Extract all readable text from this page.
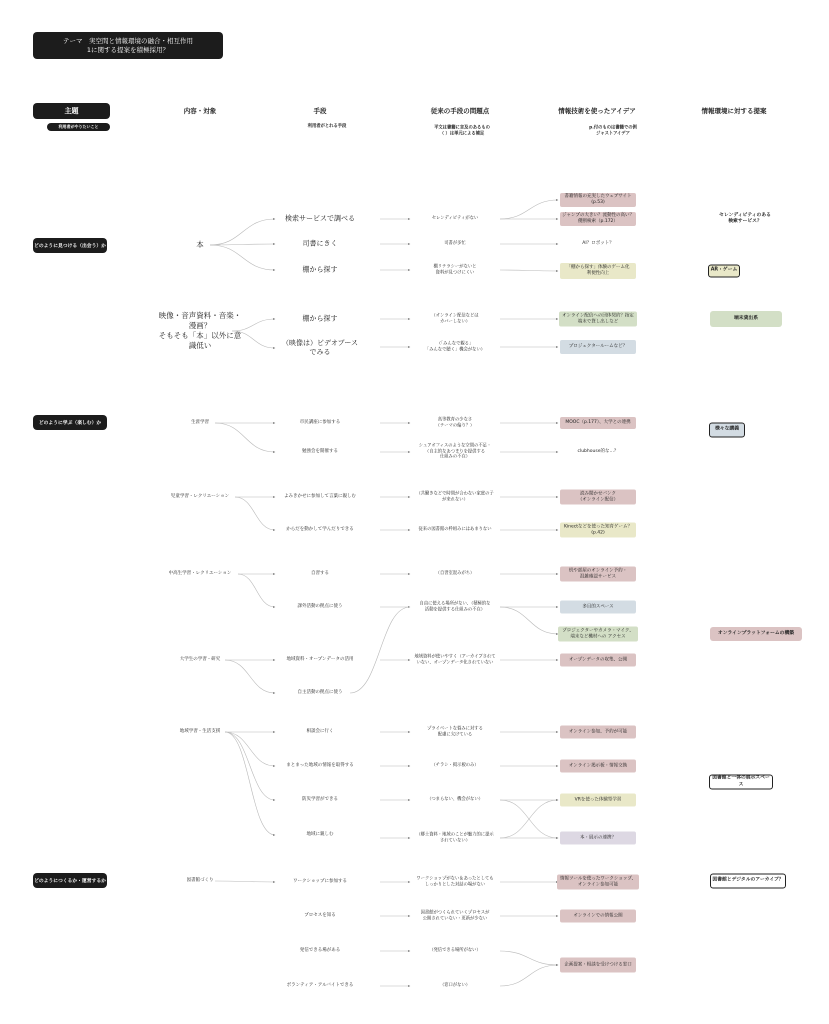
テーマ　実空間と情報環境の融合・相互作用
1に関する提案を積極採用？
主題
利用者がやりたいこと
内容・対象	手段
利用者がとれる手段
従来の手段の問題点
平文は書籍に言及のあるもの
（ ）は単元による補足
情報技術を使ったアイデア
p.付のものは書籍での例
ジャストアイデア
情報環境に対する提案
どのように見つける（出会う）か
どのように学ぶ（楽しむ）か
どのようにつくるか・運営するか
本
映像・音声資料・音楽・
漫画？
そもそも「本」以外に意
識低い
生涯学習
児童学習・レクリエーション
中高生学習・レクリエーション
大学生の学習・研究
地域学習・生活支援
図書館づくり
検索サービスで調べる
司書にきく
棚から探す
棚から探す
（映像は）ビデオブース
でみる
市民講座に参加する
勉強会を開催する
よみきかせに参加して言葉に親しむ
からだを動かして学んだりできる
自習する
課外活動の拠点に使う
地域資料・オープンデータの活用
自主活動の拠点に使う
相談会に行く
まとまった地域の情報を取得する
防災学習ができる
地域に親しむ
ワークショップに参加する
プロセスを知る
発信できる場がある
ボランティア・アルバイトできる
セレンディピティがない
司書が多忙
棚リテラシーがないと
資料が見つけにくい
（オンライン配信などは
カバーしない）
（「みんなで観る」
「みんなで聴く」機会がない）
高等教育の少なさ
（テーマの偏り？）
シェアオフィスのような空間の不足・
（自主的なあつまりを提供する
仕組みの不在）
（共働きなどで時間が合わない家庭の子
が来れない）
従来の図書館の枠組みにはあまりない
（自習室混みがち）
自由に使える場所がない、（積極的な
活動を提供する仕組みの不在）
地域資料が使いやすく（アーカイブされて
いない、オープンデータ化されていない
プライベートな悩みに対する
配慮に欠けている
（チラシ・掲示板のみ）
（つまらない、機会がない）
（郷土資料・地域のことが魅力的に提示
されていない）
ワークショップがない＆あったとしても
しっかりとした対話の場がない
図書館がつくられていくプロセスが
公開されていない・更新が少ない
（発信できる場所がない）
（窓口がない）
書籍情報の充実したウェブサイト
(p.53)
ジャンプの大きい？流動性の高い？
優断検索（p.172）
AI？ロボット？
「棚から探す」体験のゲーム化
利便性向上
オンライン配信への団体契約？指定
端末で貸し出しなど
プロジェクタールームなど？
MOOC（p.177）、大学との連携
clubhouse的な…？
読み聞かせバンク
（オンライン配信）
Kinectなどを使った知育ゲーム？
(p.42)
机や部屋のオンライン予約・
混雑確認サービス
多目的スペース
プロジェクターやカメラ・マイク、
端末など機材への アクセス
オープンデータの収集、公開
オンライン参加、予約が可能
オンライン掲示板・情報交換
VRを使った体験型学習
本・展示の連携？
情報ツールを使ったワークショップ、
オンライン参加可能
オンラインでの情報公開
企画提案・相談を受けつける窓口
セレンディピティのある
検索サービス？
AR・ゲーム
端末貸出系
様々な講義
オンラインプラットフォームの構築
図書館と一体の展示スペース
図書館とデジタルのアーカイブ？
